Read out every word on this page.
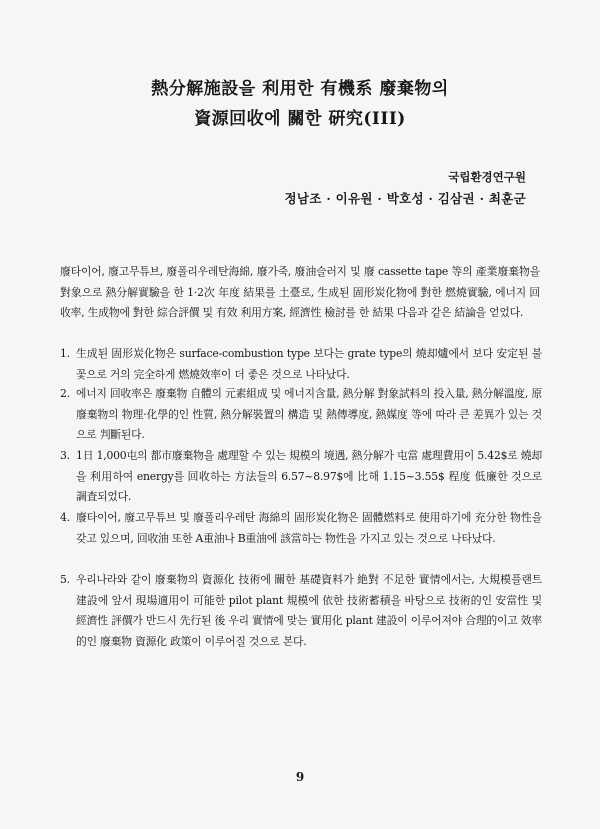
熱分解施設을 利用한 有機系 廢棄物의
資源回收에 關한 硏究(III)
국립환경연구원
정남조 · 이유원 · 박호성 · 김삼권 · 최훈군

廢타이어, 廢고무튜브, 廢폴리우레탄海綿, 廢가죽, 廢油슬러지 및 廢 cassette tape 等의 產業廢棄物을 對象으로 熱分解實驗을 한 1·2次 年度 結果를 土臺로, 生成된 固形炭化物에 對한 燃燒實驗, 에너지 回收率, 生成物에 對한 綜合評價 및 有效 利用方案, 經濟性 檢討를 한 結果 다음과 같은 結論을 얻었다.

1. 生成된 固形炭化物은 surface-combustion type 보다는 grate type의 燒却爐에서 보다 安定된 불꽃으로 거의 完全하게 燃燒效率이 더 좋은 것으로 나타났다.
2. 에너지 回收率은 廢棄物 自體의 元素組成 및 에너지含量, 熱分解 對象試料의 投入量, 熱分解溫度, 原廢棄物의 物理·化學的인 性質, 熱分解裝置의 構造 및 熱傳導度, 熱媒度 等에 따라 큰 差異가 있는 것으로 判斷된다.
3. 1日 1,000屯의 都市廢棄物을 處理할 수 있는 規模의 境遇, 熱分解가 屯當 處理費用이 5.42$로 燒却을 利用하여 energy를 回收하는 方法들의 6.57~8.97$에 比해 1.15~3.55$ 程度 低廉한 것으로 調査되었다.
4. 廢타이어, 廢고무튜브 및 廢폴리우레탄 海綿의 固形炭化物은 固體燃料로 使用하기에 充分한 物性을 갖고 있으며, 回收油 또한 A重油나 B重油에 該當하는 物性을 가지고 있는 것으로 나타났다.
5. 우리나라와 같이 廢棄物의 資源化 技術에 關한 基礎資料가 絶對 不足한 實情에서는, 大規模플랜트 建設에 앞서 現場適用이 可能한 pilot plant 規模에 依한 技術蓄積을 바탕으로 技術的인 安當性 및 經濟性 評價가 반드시 先行된 後 우리 實情에 맞는 實用化 plant 建設이 이루어져야 合理的이고 效率的인 廢棄物 資源化 政策이 이루어질 것으로 본다.
9
